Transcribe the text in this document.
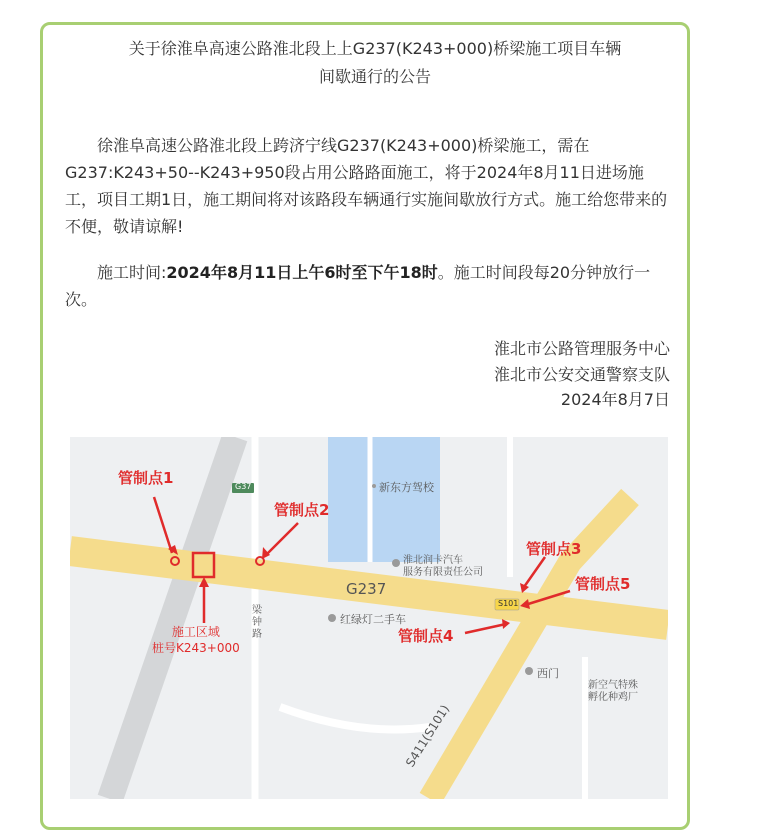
关于徐淮阜高速公路淮北段上上G237(K243+000)桥梁施工项目车辆
间歇通行的公告

徐淮阜高速公路淮北段上跨济宁线G237(K243+000)桥梁施工，需在G237:K243+50--K243+950段占用公路路面施工，将于2024年8月11日进场施工，项目工期1日，施工期间将对该路段车辆通行实施间歇放行方式。施工给您带来的不便，敬请谅解!

施工时间:2024年8月11日上午6时至下午18时。施工时间段每20分钟放行一次。

淮北市公路管理服务中心
淮北市公安交通警察支队
2024年8月7日
G37	新东方驾校
淮北润卡汽车
服务有限责任公司
红绿灯二手车
西门
新空气特殊
孵化种鸡厂
G237
S101
梁钟路
S411(S101)
管制点1
管制点2
管制点3
管制点4
管制点5
施工区域
桩号K243+000
